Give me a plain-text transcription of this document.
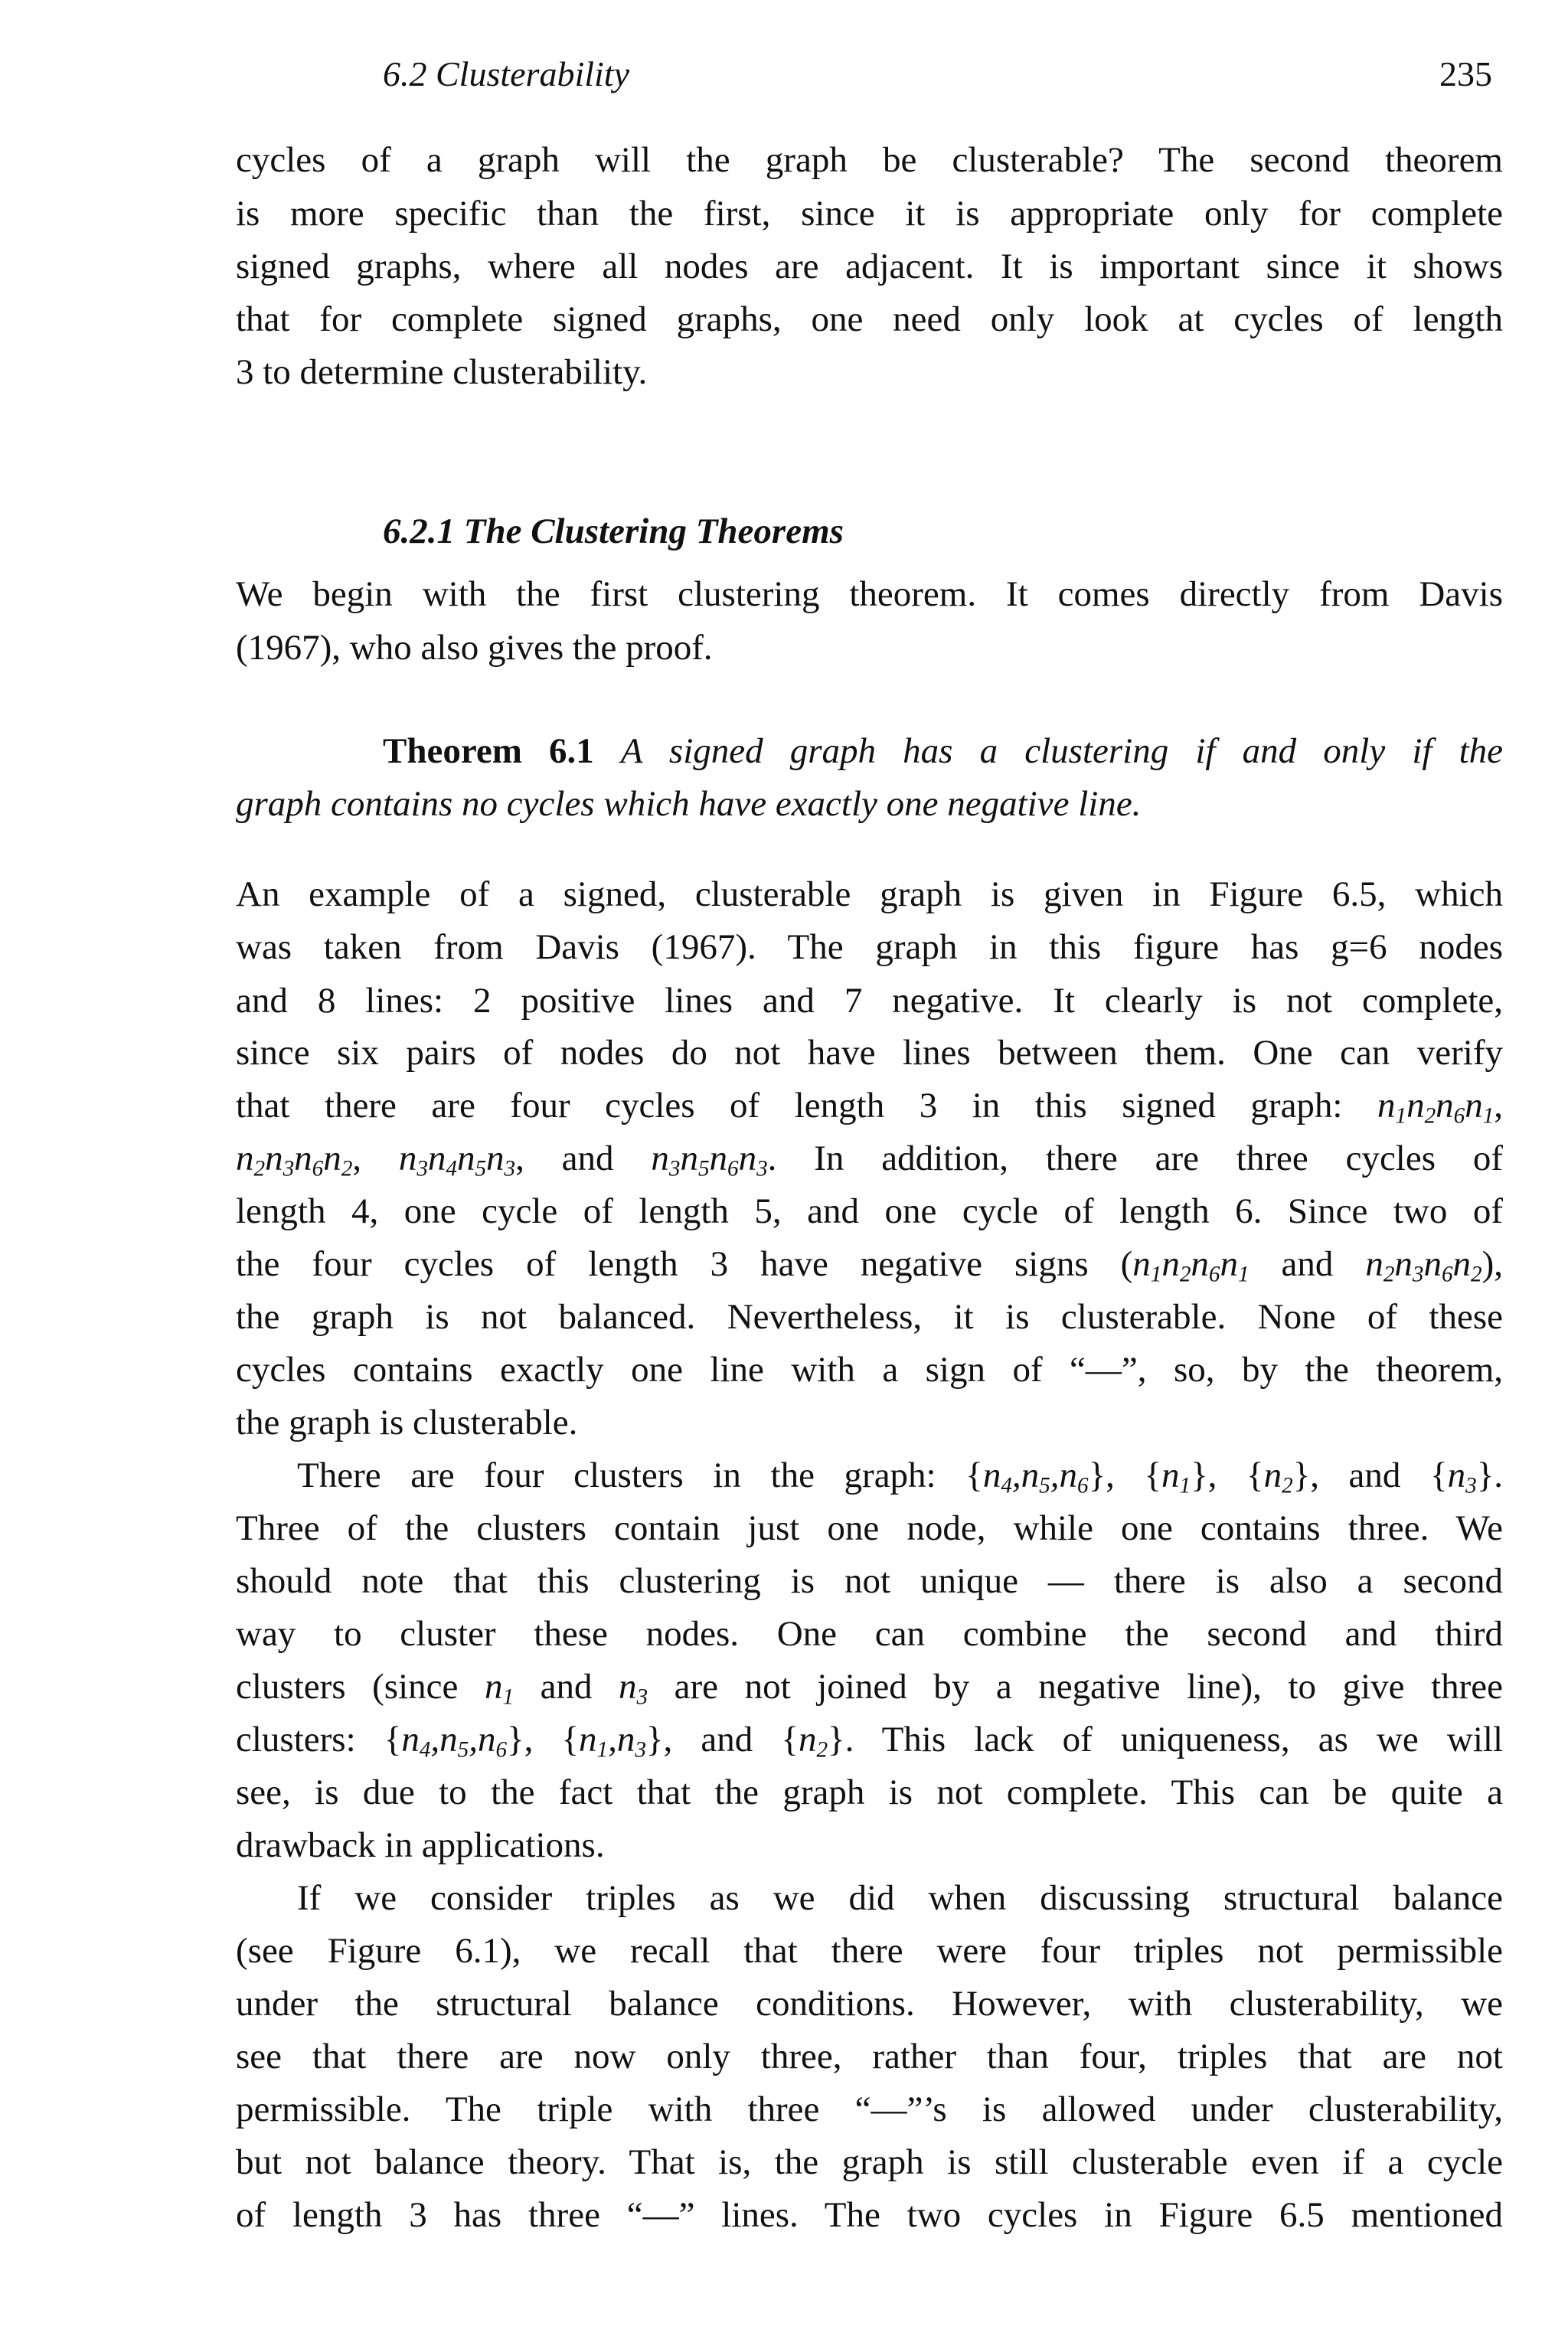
6.2 Clusterability	235
cycles of a graph will the graph be clusterable? The second theorem
is more specific than the first, since it is appropriate only for complete
signed graphs, where all nodes are adjacent. It is important since it shows
that for complete signed graphs, one need only look at cycles of length
3 to determine clusterability.
6.2.1 The Clustering Theorems
We begin with the first clustering theorem. It comes directly from Davis
(1967), who also gives the proof.
Theorem 6.1 A signed graph has a clustering if and only if the
graph contains no cycles which have exactly one negative line.
An example of a signed, clusterable graph is given in Figure 6.5, which
was taken from Davis (1967). The graph in this figure has g=6 nodes
and 8 lines: 2 positive lines and 7 negative. It clearly is not complete,
since six pairs of nodes do not have lines between them. One can verify
that there are four cycles of length 3 in this signed graph: $n_1n_2n_6n_1$,
$n_2n_3n_6n_2$, $n_3n_4n_5n_3$, and $n_3n_5n_6n_3$. In addition, there are three cycles of
length 4, one cycle of length 5, and one cycle of length 6. Since two of
the four cycles of length 3 have negative signs ($n_1n_2n_6n_1$ and $n_2n_3n_6n_2$),
the graph is not balanced. Nevertheless, it is clusterable. None of these
cycles contains exactly one line with a sign of “—”, so, by the theorem,
the graph is clusterable.
There are four clusters in the graph: $\{n_4,n_5,n_6\}$, $\{n_1\}$, $\{n_2\}$, and $\{n_3\}$.
Three of the clusters contain just one node, while one contains three. We
should note that this clustering is not unique — there is also a second
way to cluster these nodes. One can combine the second and third
clusters (since $n_1$ and $n_3$ are not joined by a negative line), to give three
clusters: $\{n_4,n_5,n_6\}$, $\{n_1,n_3\}$, and $\{n_2\}$. This lack of uniqueness, as we will
see, is due to the fact that the graph is not complete. This can be quite a
drawback in applications.
If we consider triples as we did when discussing structural balance
(see Figure 6.1), we recall that there were four triples not permissible
under the structural balance conditions. However, with clusterability, we
see that there are now only three, rather than four, triples that are not
permissible. The triple with three “—”’s is allowed under clusterability,
but not balance theory. That is, the graph is still clusterable even if a cycle
of length 3 has three “—” lines. The two cycles in Figure 6.5 mentioned
